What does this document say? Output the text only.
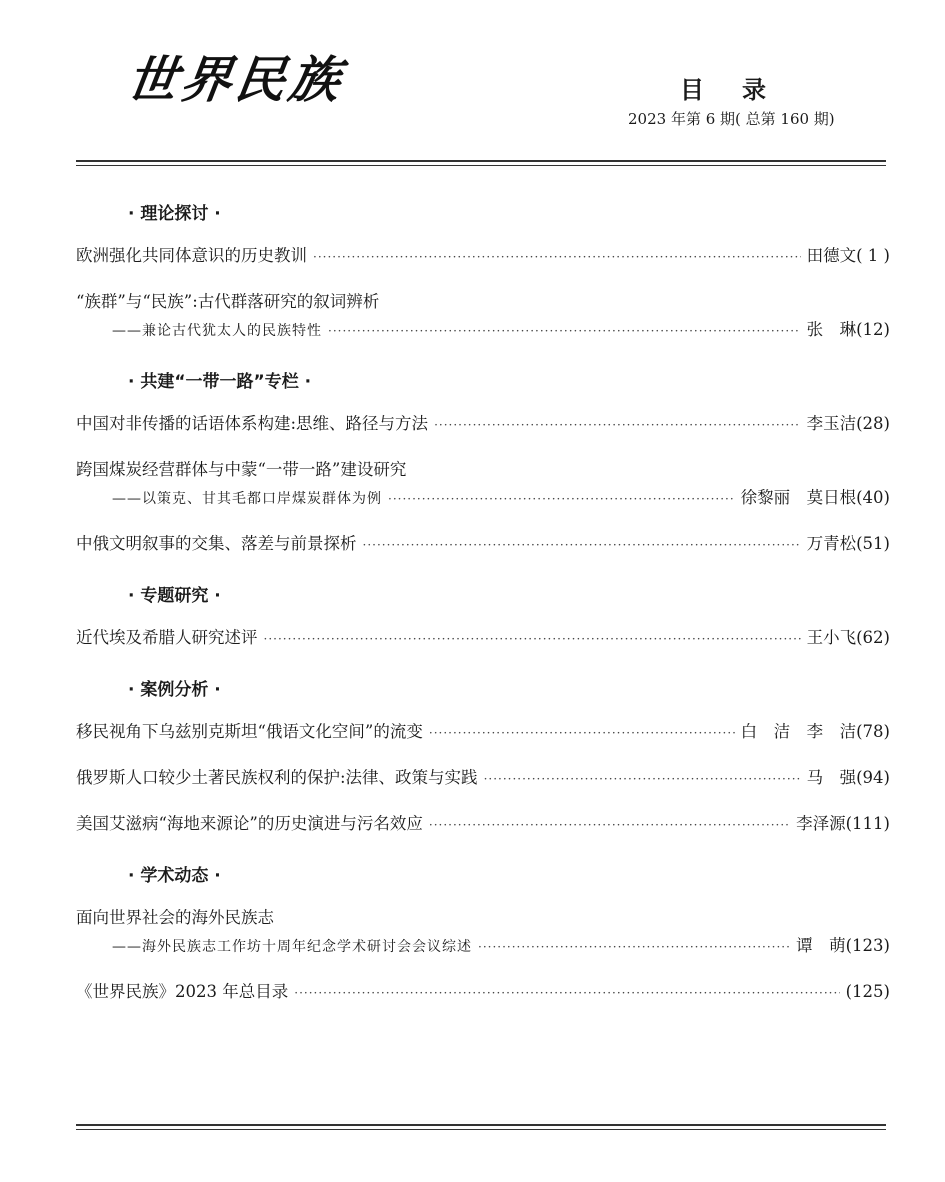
世界民族	目录
2023 年第 6 期( 总第 160 期)
· 理论探讨 ·
欧洲强化共同体意识的历史教训 ·····	田德文( 1 )
“族群”与“民族”:古代群落研究的叙词辨析
——兼论古代犹太人的民族特性 ·····	张　琳(12)
· 共建“一带一路”专栏 ·
中国对非传播的话语体系构建:思维、路径与方法 ·····	李玉洁(28)
跨国煤炭经营群体与中蒙“一带一路”建设研究
——以策克、甘其毛都口岸煤炭群体为例 ·····	徐黎丽　莫日根(40)
中俄文明叙事的交集、落差与前景探析 ·····	万青松(51)
· 专题研究 ·
近代埃及希腊人研究述评 ·····	王小飞(62)
· 案例分析 ·
移民视角下乌兹别克斯坦“俄语文化空间”的流变 ·····	白　洁　李　洁(78)
俄罗斯人口较少土著民族权利的保护:法律、政策与实践 ·····	马　强(94)
美国艾滋病“海地来源论”的历史演进与污名效应 ·····	李泽源(111)
· 学术动态 ·
面向世界社会的海外民族志
——海外民族志工作坊十周年纪念学术研讨会会议综述 ·····	谭　萌(123)
《世界民族》2023 年总目录 ·····	(125)
